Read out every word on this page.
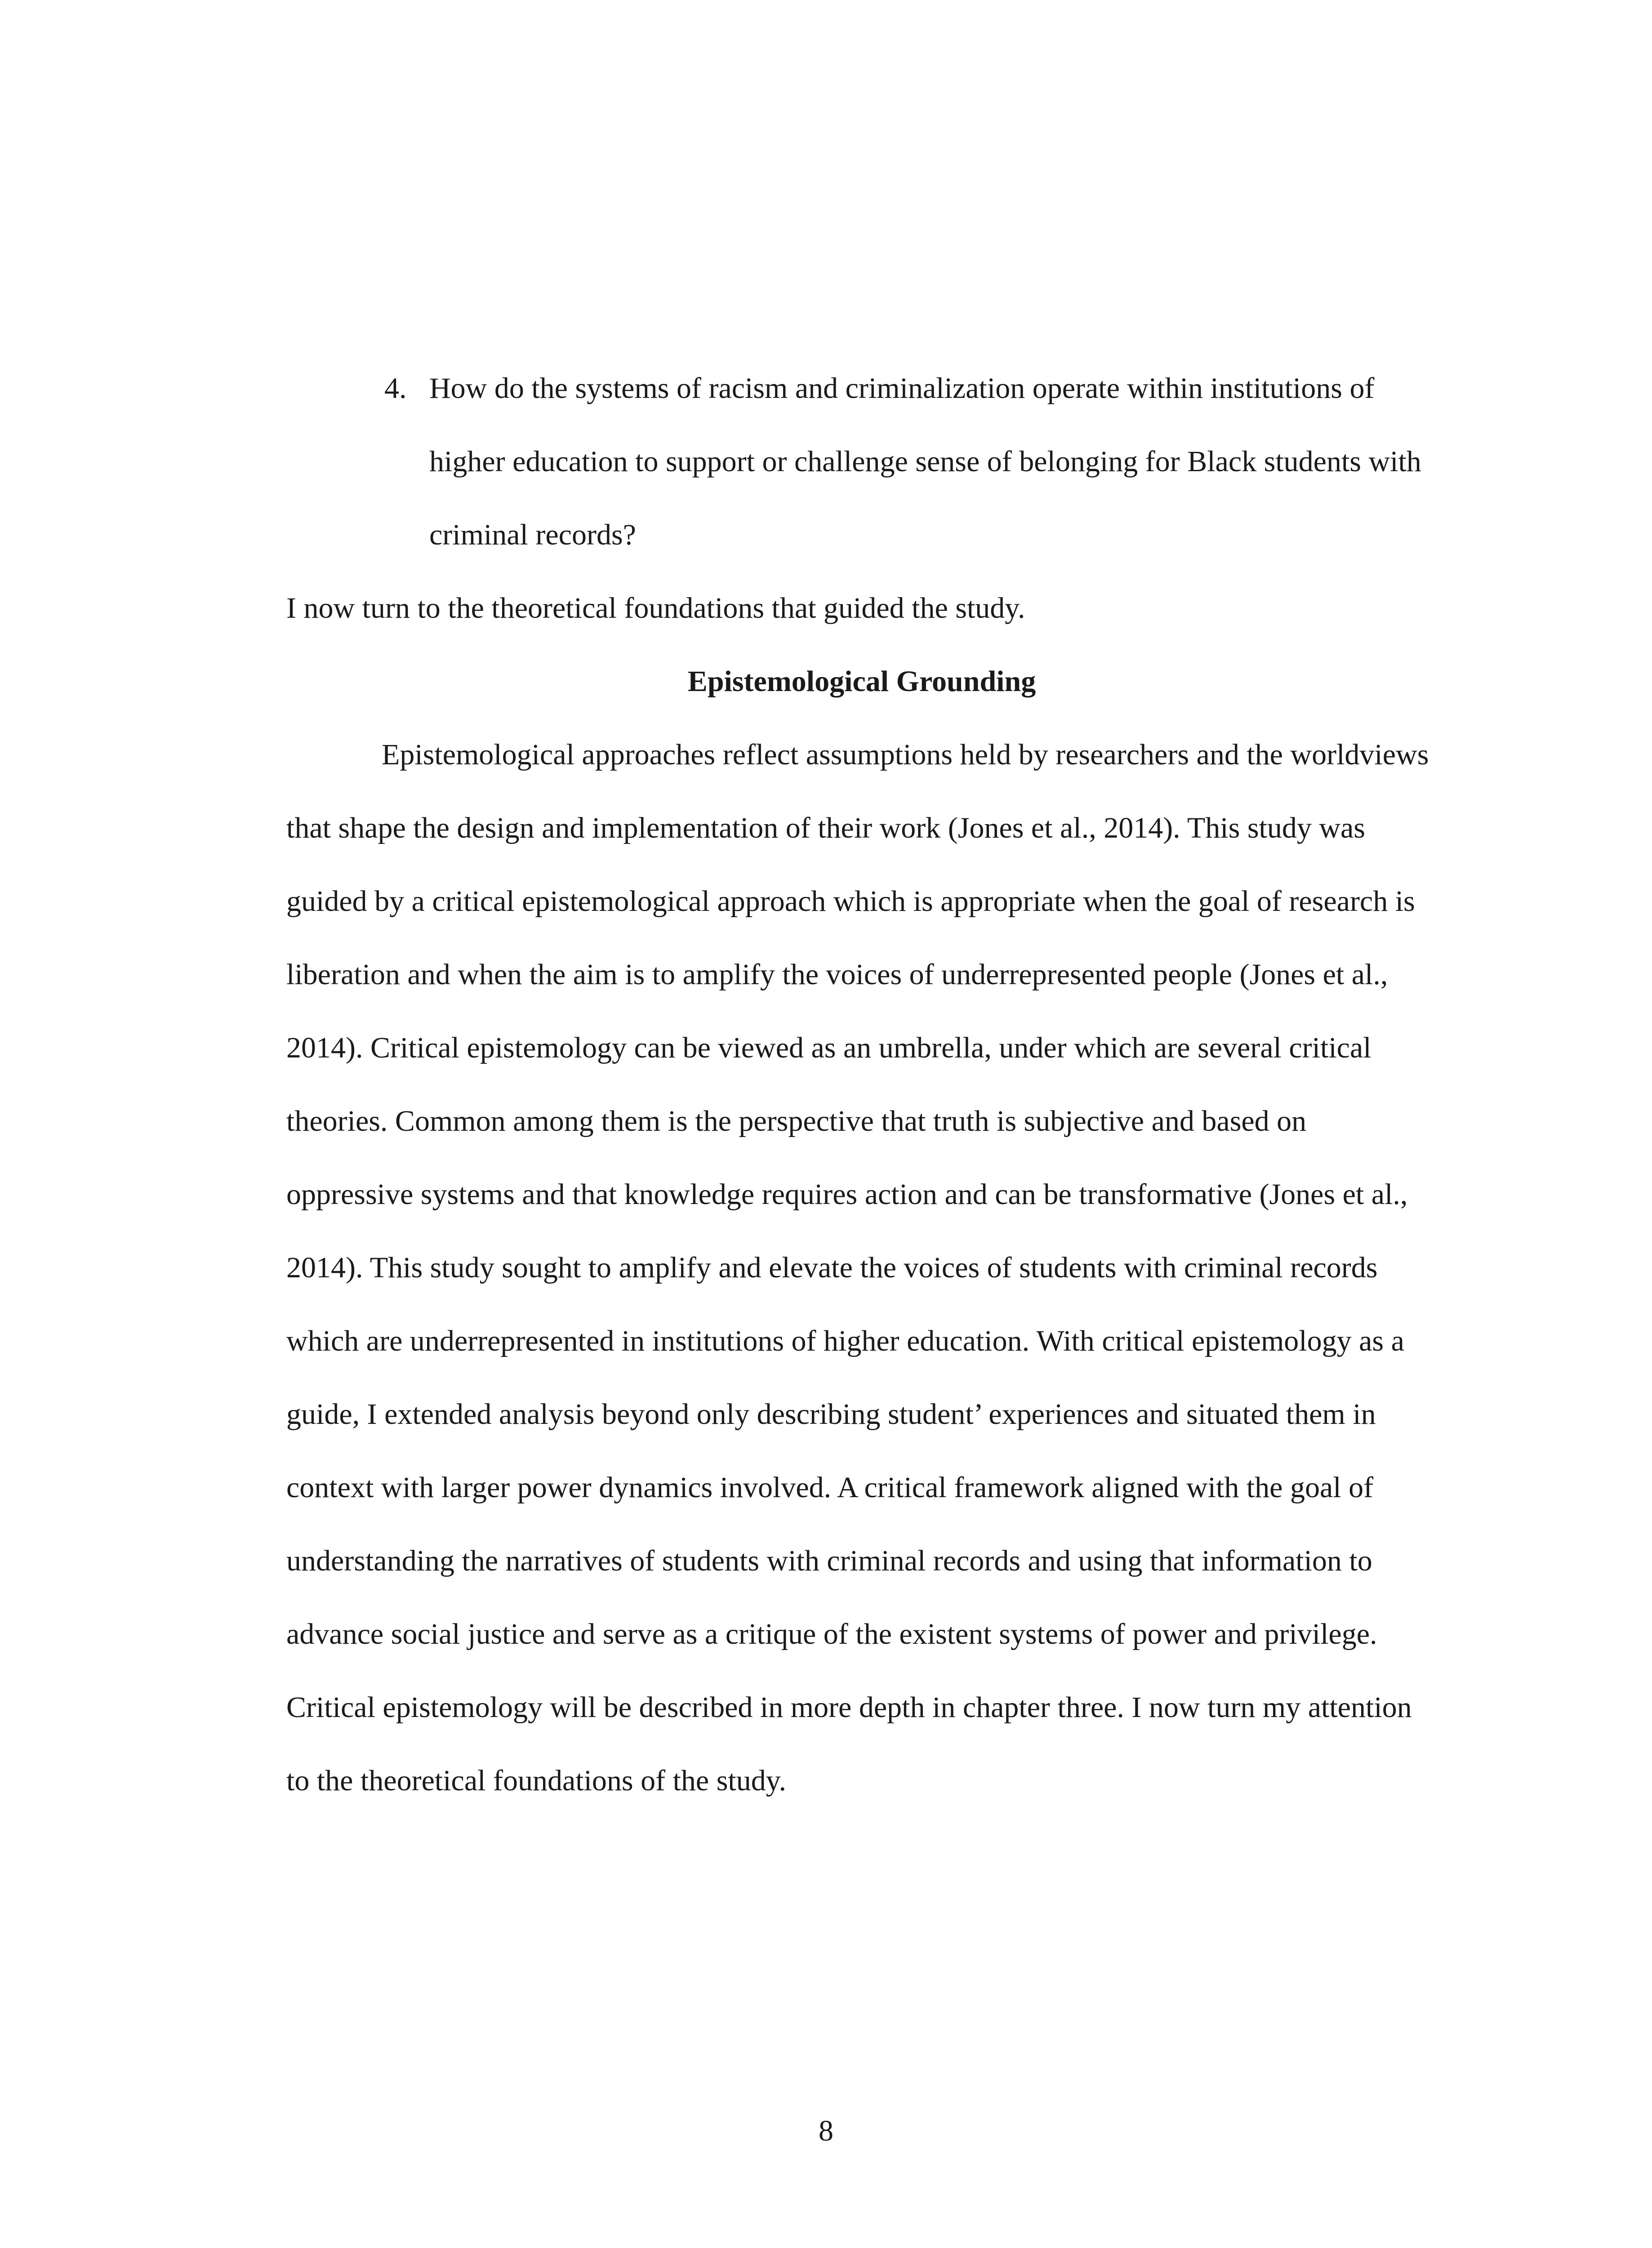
4. How do the systems of racism and criminalization operate within institutions of higher education to support or challenge sense of belonging for Black students with criminal records?
I now turn to the theoretical foundations that guided the study.
Epistemological Grounding
Epistemological approaches reflect assumptions held by researchers and the worldviews that shape the design and implementation of their work (Jones et al., 2014). This study was guided by a critical epistemological approach which is appropriate when the goal of research is liberation and when the aim is to amplify the voices of underrepresented people (Jones et al., 2014). Critical epistemology can be viewed as an umbrella, under which are several critical theories. Common among them is the perspective that truth is subjective and based on oppressive systems and that knowledge requires action and can be transformative (Jones et al., 2014). This study sought to amplify and elevate the voices of students with criminal records which are underrepresented in institutions of higher education. With critical epistemology as a guide, I extended analysis beyond only describing student’ experiences and situated them in context with larger power dynamics involved. A critical framework aligned with the goal of understanding the narratives of students with criminal records and using that information to advance social justice and serve as a critique of the existent systems of power and privilege. Critical epistemology will be described in more depth in chapter three. I now turn my attention to the theoretical foundations of the study.
8
